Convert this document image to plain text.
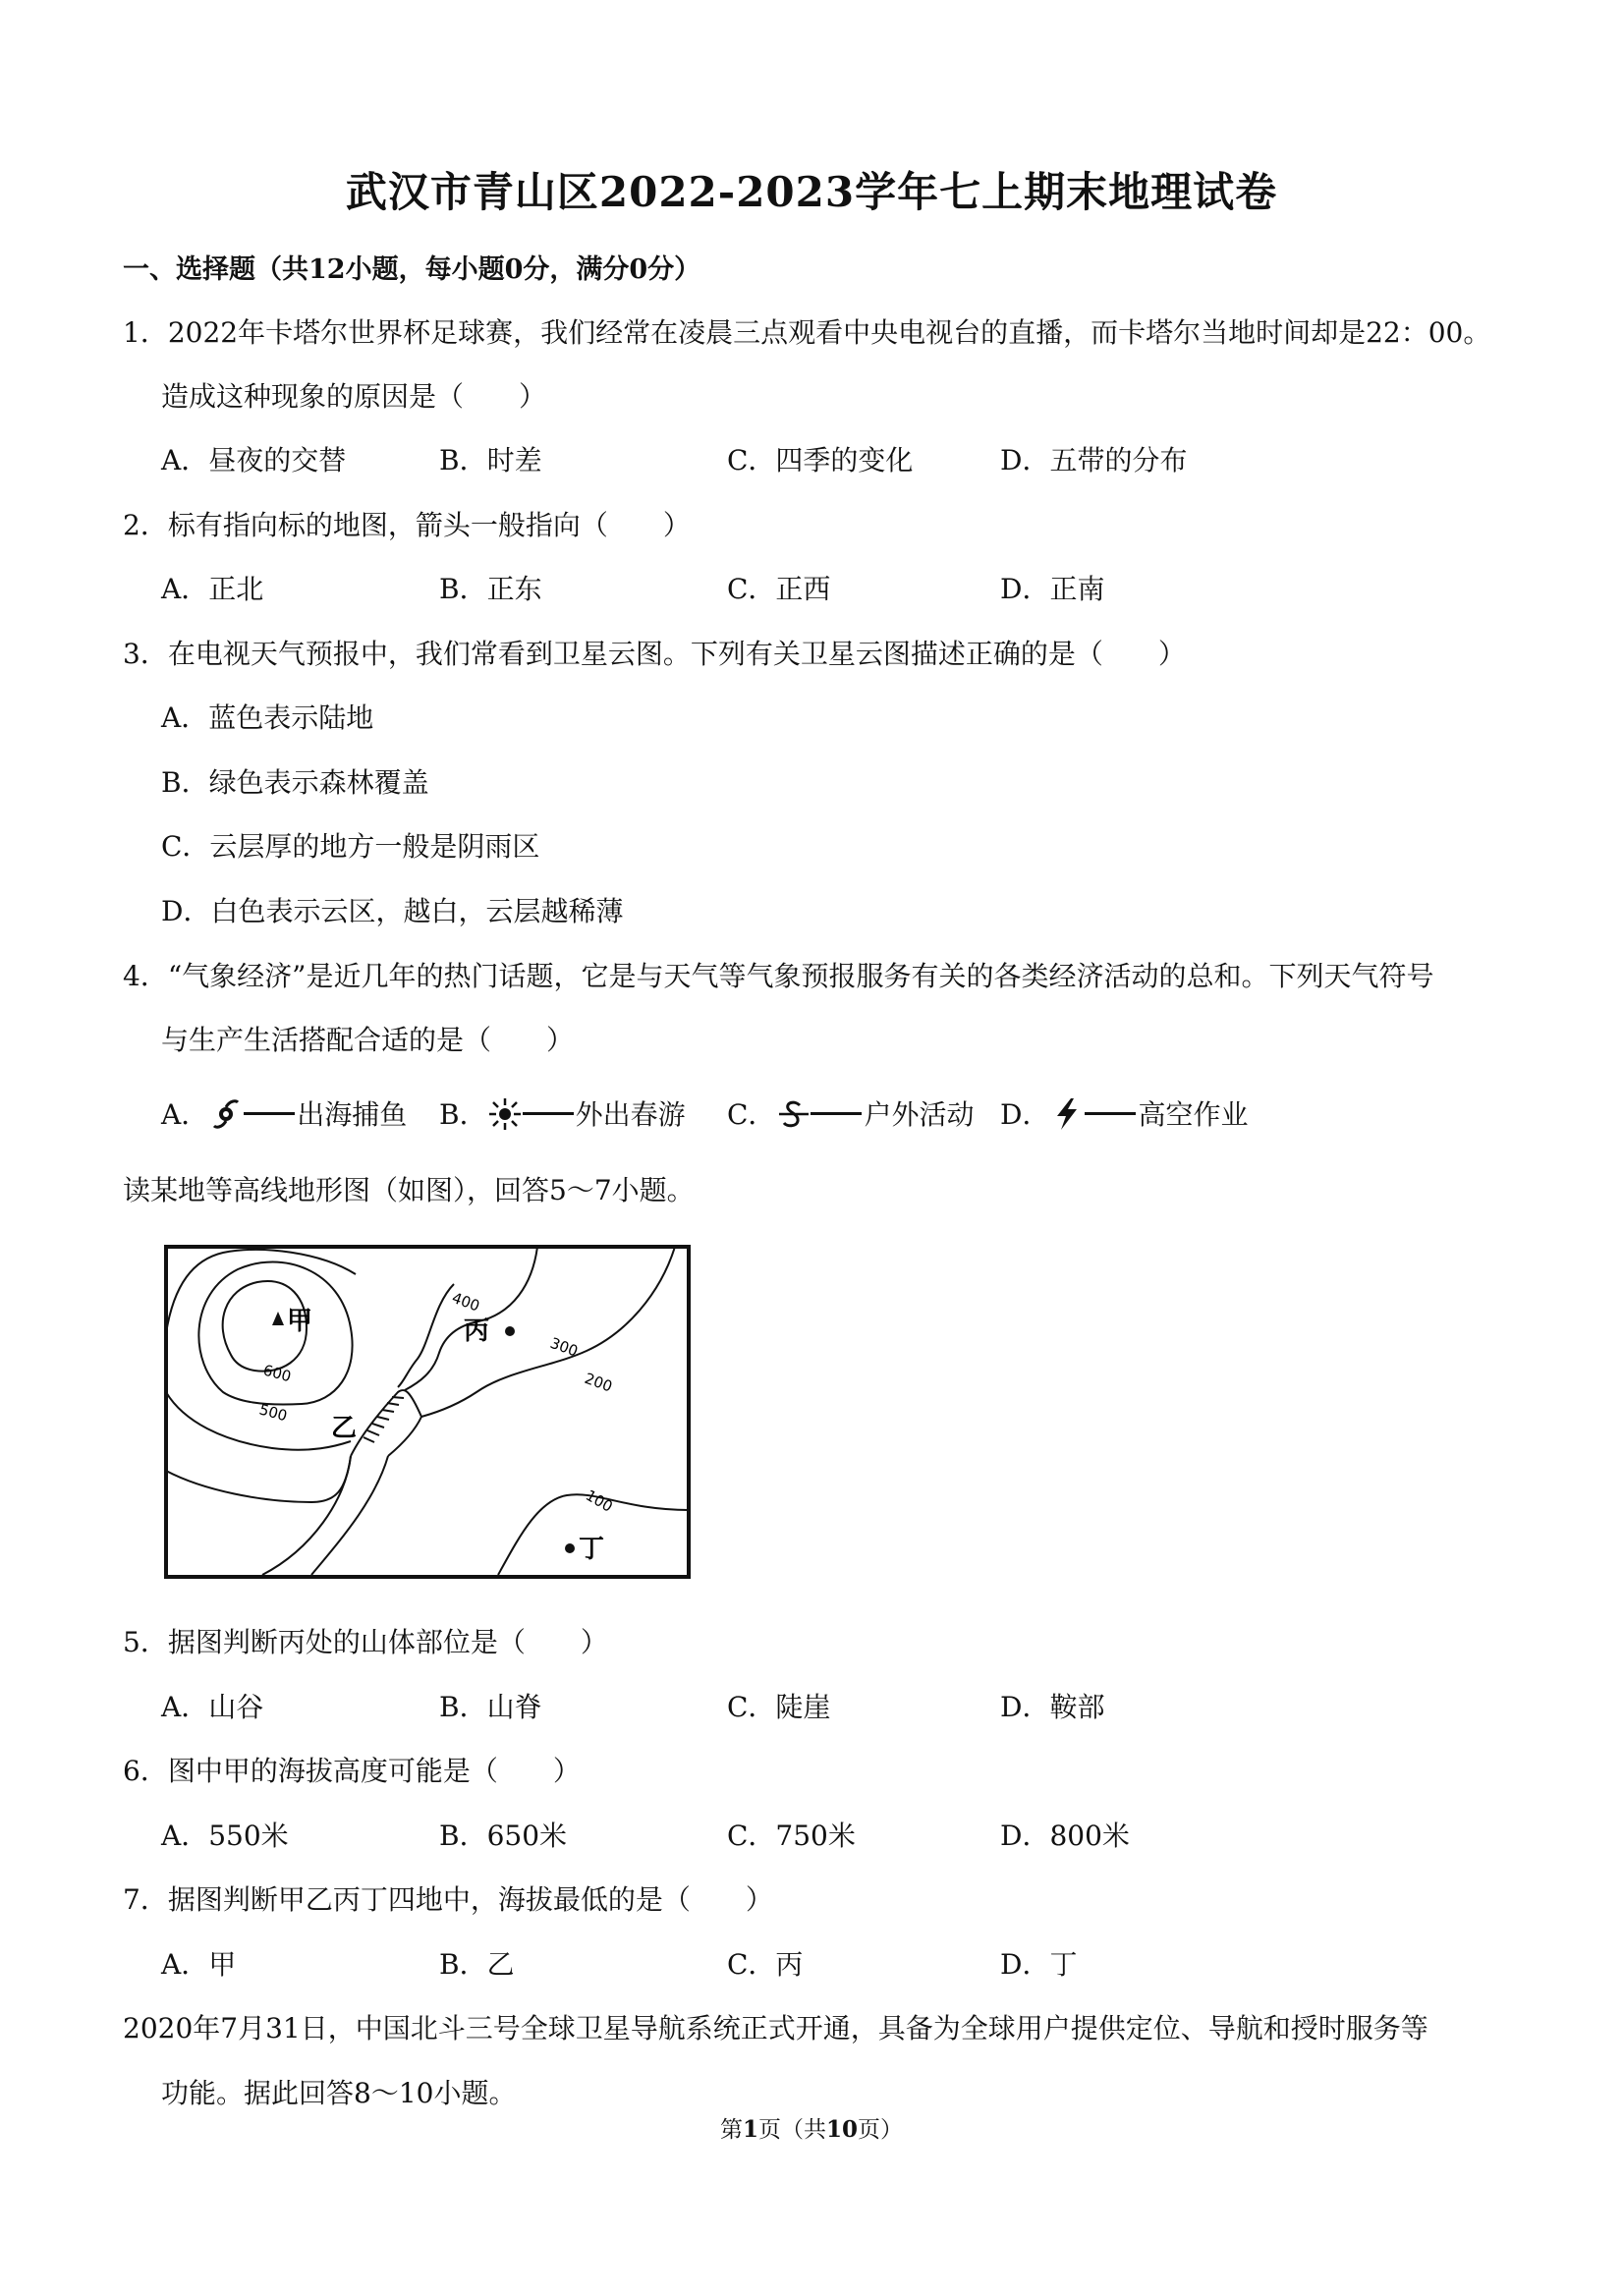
武汉市青山区2022-2023学年七上期末地理试卷
一、选择题（共12小题，每小题0分，满分0分）
1．2022年卡塔尔世界杯足球赛，我们经常在凌晨三点观看中央电视台的直播，而卡塔尔当地时间却是22：00。
造成这种现象的原因是（　　）
A．昼夜的交替	B．时差	C．四季的变化	D．五带的分布
2．标有指向标的地图，箭头一般指向（　　）
A．正北	B．正东	C．正西	D．正南
3．在电视天气预报中，我们常看到卫星云图。下列有关卫星云图描述正确的是（　　）
A．蓝色表示陆地
B．绿色表示森林覆盖
C．云层厚的地方一般是阴雨区
D．白色表示云区，越白，云层越稀薄
4．“气象经济”是近几年的热门话题，它是与天气等气象预报服务有关的各类经济活动的总和。下列天气符号
与生产生活搭配合适的是（　　）
A．	出海捕鱼 B．	外出春游 C．	户外活动 D．	高空作业
读某地等高线地形图（如图），回答5～7小题。
甲
乙
丙
丁
600
500
400
300
200
100
5．据图判断丙处的山体部位是（　　）
A．山谷	B．山脊	C．陡崖	D．鞍部
6．图中甲的海拔高度可能是（　　）
A．550米	B．650米	C．750米	D．800米
7．据图判断甲乙丙丁四地中，海拔最低的是（　　）
A．甲	B．乙	C．丙	D．丁
2020年7月31日，中国北斗三号全球卫星导航系统正式开通，具备为全球用户提供定位、导航和授时服务等
功能。据此回答8～10小题。
第1页（共10页）
